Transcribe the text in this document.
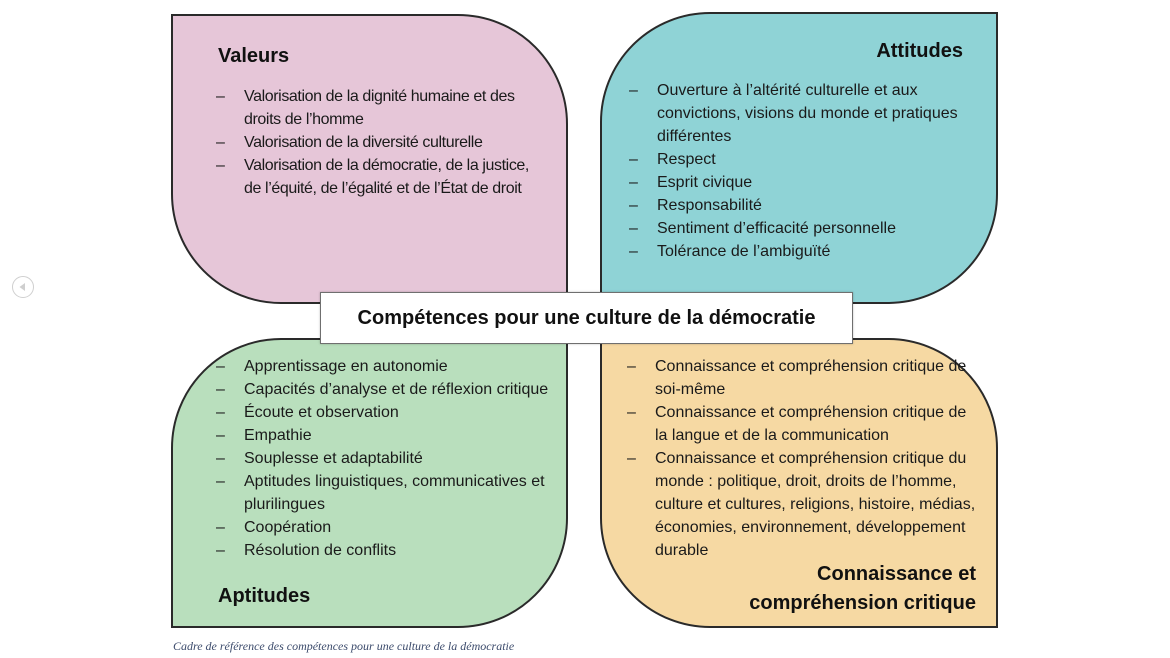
Valeurs
– Valorisation de la dignité humaine et des droits de l’homme
– Valorisation de la diversité culturelle
– Valorisation de la démocratie, de la justice, de l’équité, de l’égalité et de l’État de droit
Attitudes
– Ouverture à l’altérité culturelle et aux convictions, visions du monde et pratiques différentes
– Respect
– Esprit civique
– Responsabilité
– Sentiment d’efficacité personnelle
– Tolérance de l’ambiguïté
– Apprentissage en autonomie
– Capacités d’analyse et de réflexion critique
– Écoute et observation
– Empathie
– Souplesse et adaptabilité
– Aptitudes linguistiques, communicatives et plurilingues
– Coopération
– Résolution de conflits
Aptitudes
– Connaissance et compréhension critique de soi-même
– Connaissance et compréhension critique de la langue et de la communication
– Connaissance et compréhension critique du monde : politique, droit, droits de l’homme, culture et cultures, religions, histoire, médias, économies, environnement, développement durable
Connaissance et
compréhension critique
Compétences pour une culture de la démocratie
Cadre de référence des compétences pour une culture de la démocratie
